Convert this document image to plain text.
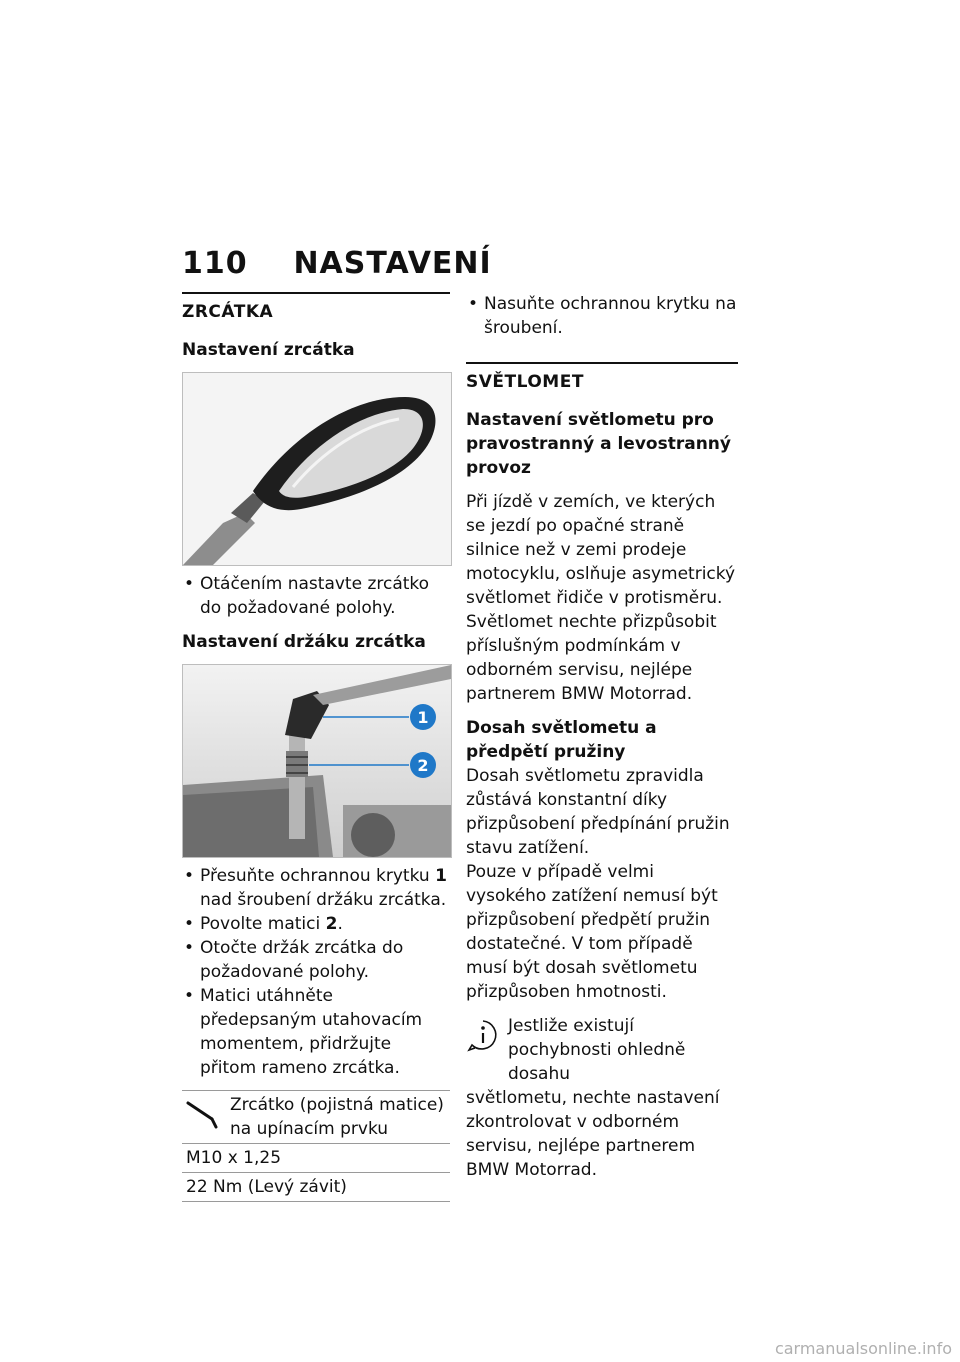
110 NASTAVENÍ
ZRCÁTKA
Nastavení zrcátka
• Otáčením nastavte zrcátko do požadované polohy.
Nastavení držáku zrcátka
1
2
• Přesuňte ochrannou krytku 1 nad šroubení držáku zrcátka.
• Povolte matici 2.
• Otočte držák zrcátka do požadované polohy.
• Matici utáhněte předepsaným utahovacím momentem, přidržujte přitom rameno zrcátka.
Zrcátko (pojistná matice) na upínacím prvku

M10 x 1,25
22 Nm (Levý závit)
• Nasuňte ochrannou krytku na šroubení.
SVĚTLOMET
Nastavení světlometu pro pravostranný a levostranný provoz
Při jízdě v zemích, ve kterých se jezdí po opačné straně silnice než v zemi prodeje motocyklu, oslňuje asymetrický světlomet řidiče v protisměru.
Světlomet nechte přizpůsobit příslušným podmínkám v odborném servisu, nejlépe partnerem BMW Motorrad.
Dosah světlometu a předpětí pružiny
Dosah světlometu zpravidla zůstává konstantní díky přizpůsobení předpínání pružin stavu zatížení.
Pouze v případě velmi vysokého zatížení nemusí být přizpůsobení předpětí pružin dostatečné. V tom případě musí být dosah světlometu přizpůsoben hmotnosti.
Jestliže existují pochybnosti ohledně dosahu
světlometu, nechte nastavení zkontrolovat v odborném servisu, nejlépe partnerem BMW Motorrad.
carmanualsonline.info
